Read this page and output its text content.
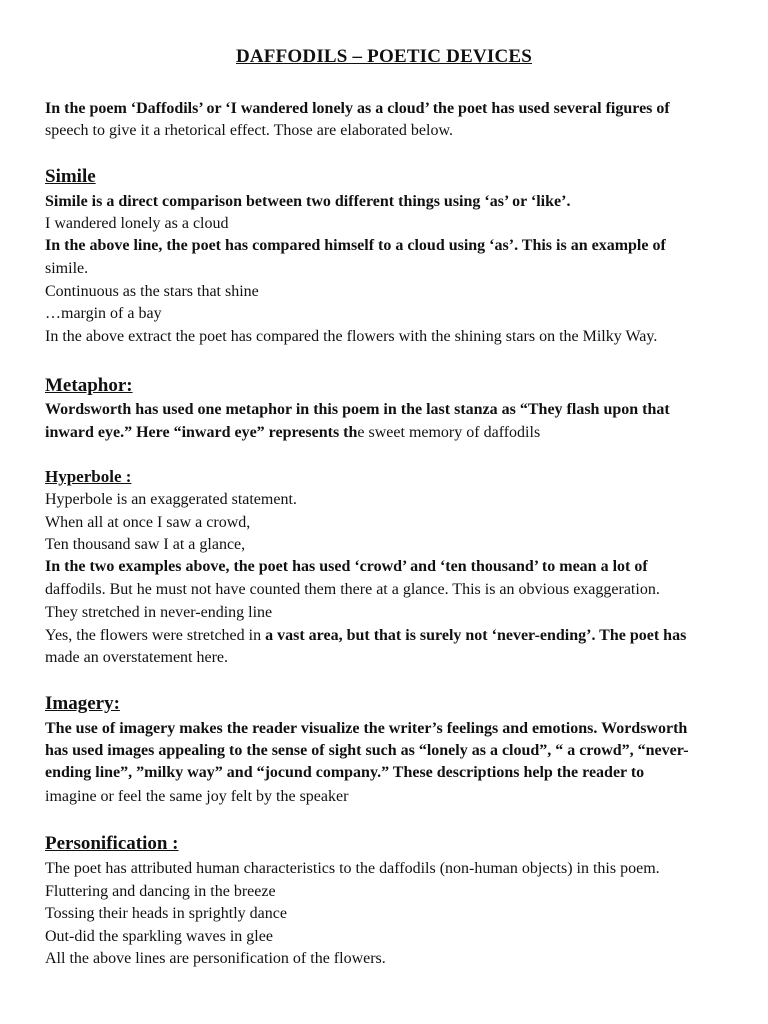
DAFFODILS – POETIC DEVICES
In the poem ‘Daffodils’ or ‘I wandered lonely as a cloud’ the poet has used several figures of
speech to give it a rhetorical effect. Those are elaborated below.
Simile
Simile is a direct comparison between two different things using ‘as’ or ‘like’.
I wandered lonely as a cloud
In the above line, the poet has compared himself to a cloud using ‘as’. This is an example of
simile.
Continuous as the stars that shine
…margin of a bay
In the above extract the poet has compared the flowers with the shining stars on the Milky Way.
Metaphor:
Wordsworth has used one metaphor in this poem in the last stanza as “They flash upon that
inward eye.” Here “inward eye” represents the sweet memory of daffodils
Hyperbole :
Hyperbole is an exaggerated statement.
When all at once I saw a crowd,
Ten thousand saw I at a glance,
In the two examples above, the poet has used ‘crowd’ and ‘ten thousand’ to mean a lot of
daffodils. But he must not have counted them there at a glance. This is an obvious exaggeration.
They stretched in never-ending line
Yes, the flowers were stretched in a vast area, but that is surely not ‘never-ending’. The poet has
made an overstatement here.
Imagery:
The use of imagery makes the reader visualize the writer’s feelings and emotions. Wordsworth
has used images appealing to the sense of sight such as “lonely as a cloud”, “ a crowd”, “never-
ending line”, ”milky way” and “jocund company.” These descriptions help the reader to
imagine or feel the same joy felt by the speaker
Personification :
The poet has attributed human characteristics to the daffodils (non-human objects) in this poem.
Fluttering and dancing in the breeze
Tossing their heads in sprightly dance
Out-did the sparkling waves in glee
All the above lines are personification of the flowers.
